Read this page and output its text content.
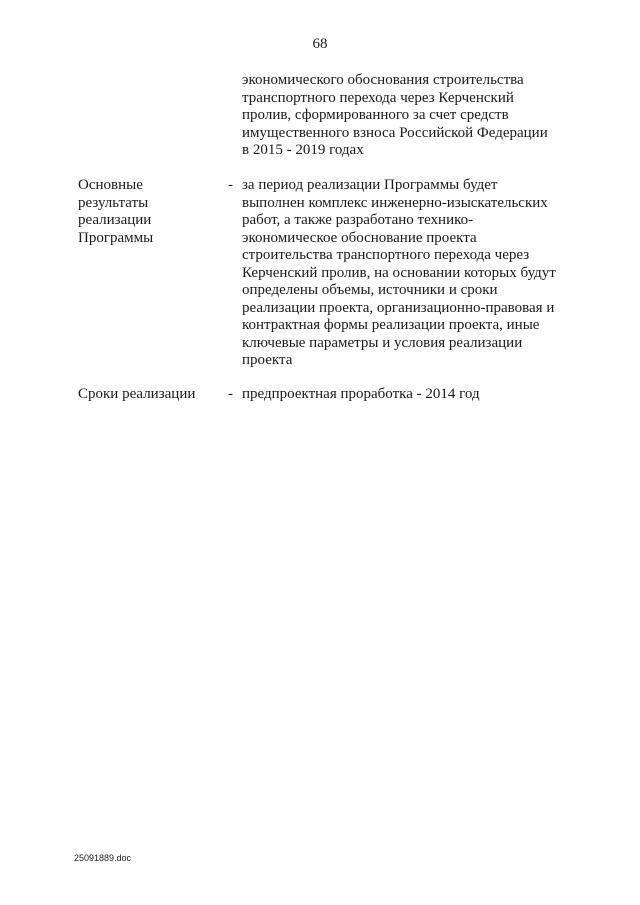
68
экономического обоснования строительства
транспортного перехода через Керченский
пролив, сформированного за счет средств
имущественного взноса Российской Федерации
в 2015 - 2019 годах
Основные
результаты
реализации
Программы
- за период реализации Программы будет
выполнен комплекс инженерно-изыскательских
работ, а также разработано технико-
экономическое обоснование проекта
строительства транспортного перехода через
Керченский пролив, на основании которых будут
определены объемы, источники и сроки
реализации проекта, организационно-правовая и
контрактная формы реализации проекта, иные
ключевые параметры и условия реализации
проекта
Сроки реализации - предпроектная проработка - 2014 год
25091889.doc
